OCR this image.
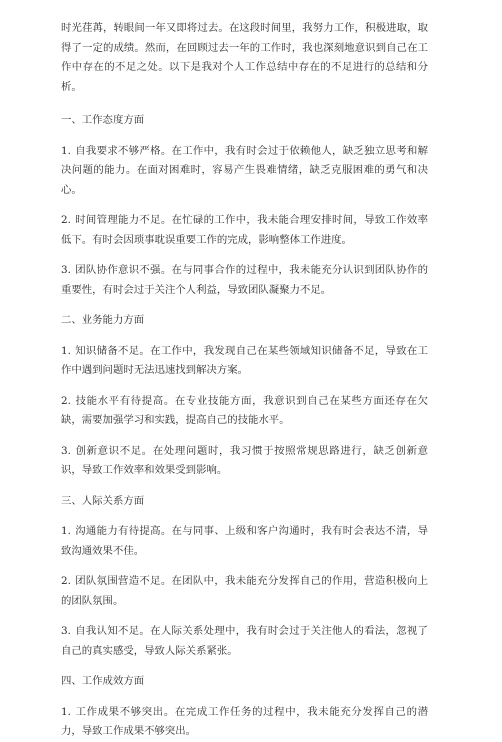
时光荏苒，转眼间一年又即将过去。在这段时间里，我努力工作，积极进取，取得了一定的成绩。然而，在回顾过去一年的工作时，我也深刻地意识到自己在工作中存在的不足之处。以下是我对个人工作总结中存在的不足进行的总结和分析。

一、工作态度方面

1. 自我要求不够严格。在工作中，我有时会过于依赖他人，缺乏独立思考和解决问题的能力。在面对困难时，容易产生畏难情绪，缺乏克服困难的勇气和决心。

2. 时间管理能力不足。在忙碌的工作中，我未能合理安排时间，导致工作效率低下。有时会因琐事耽误重要工作的完成，影响整体工作进度。

3. 团队协作意识不强。在与同事合作的过程中，我未能充分认识到团队协作的重要性，有时会过于关注个人利益，导致团队凝聚力不足。

二、业务能力方面

1. 知识储备不足。在工作中，我发现自己在某些领域知识储备不足，导致在工作中遇到问题时无法迅速找到解决方案。

2. 技能水平有待提高。在专业技能方面，我意识到自己在某些方面还存在欠缺，需要加强学习和实践，提高自己的技能水平。

3. 创新意识不足。在处理问题时，我习惯于按照常规思路进行，缺乏创新意识，导致工作效率和效果受到影响。

三、人际关系方面

1. 沟通能力有待提高。在与同事、上级和客户沟通时，我有时会表达不清，导致沟通效果不佳。

2. 团队氛围营造不足。在团队中，我未能充分发挥自己的作用，营造积极向上的团队氛围。

3. 自我认知不足。在人际关系处理中，我有时会过于关注他人的看法，忽视了自己的真实感受，导致人际关系紧张。

四、工作成效方面

1. 工作成果不够突出。在完成工作任务的过程中，我未能充分发挥自己的潜力，导致工作成果不够突出。
